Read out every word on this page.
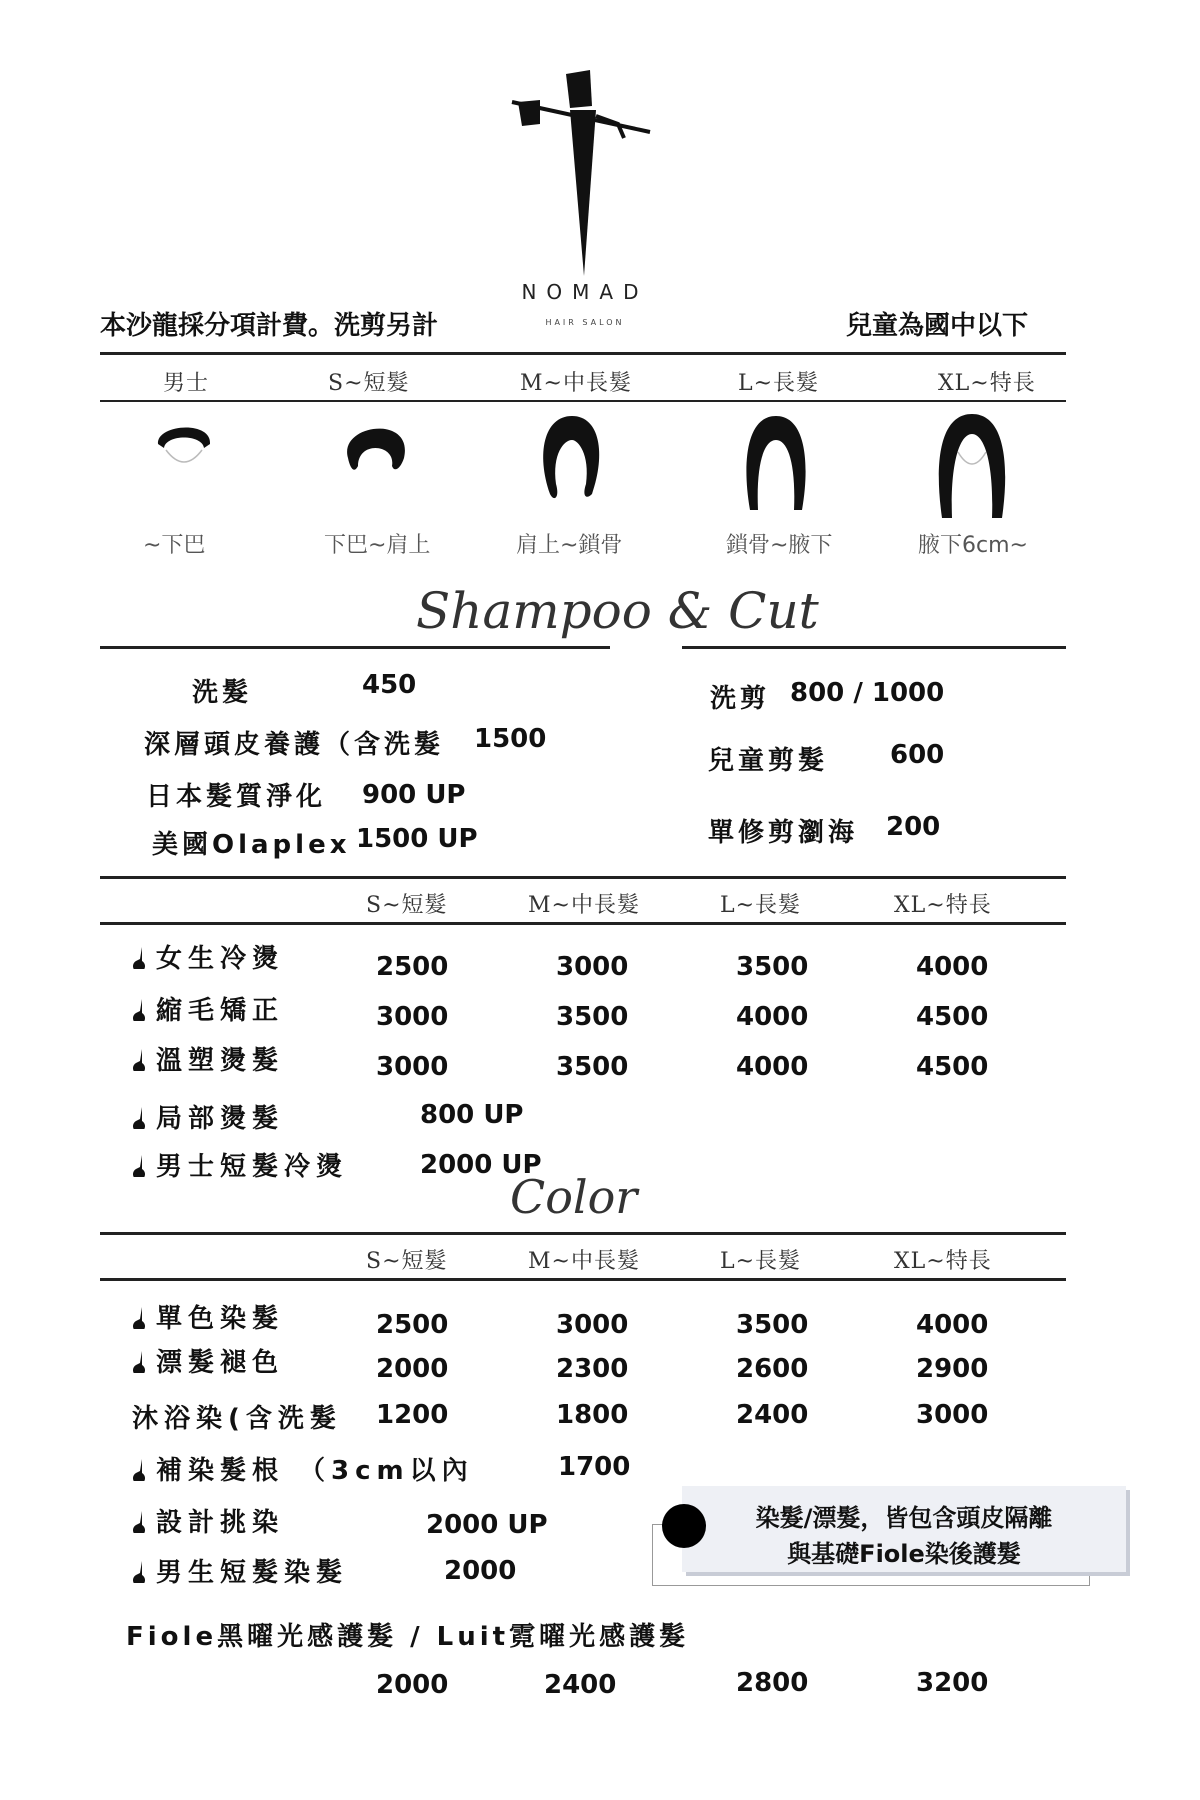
NOMAD
HAIR SALON
本沙龍採分項計費。洗剪另計	兒童為國中以下
男士	S~短髮	M~中長髮	L~長髮	XL~特長
~下巴	下巴~肩上	肩上~鎖骨	鎖骨~腋下	腋下6cm~
Shampoo & Cut
洗髮	450
深層頭皮養護（含洗髮 1500
日本髮質淨化 900 UP
美國Olaplex 1500 UP
洗剪 800 / 1000
兒童剪髮 600
單修剪瀏海 200
S~短髮	M~中長髮	L~長髮	XL~特長
女生冷燙	2500	3000	3500	4000
縮毛矯正	3000	3500	4000	4500
溫塑燙髮	3000	3500	4000	4500
局部燙髮	800 UP
男士短髮冷燙	2000 UP
Color
S~短髮	M~中長髮	L~長髮	XL~特長
單色染髮	2500	3000	3500	4000
漂髮褪色	2000	2300	2600	2900
沐浴染(含洗髮 1200	1800	2400	3000
補染髮根 （3cm以內	1700
設計挑染	2000 UP
男生短髮染髮	2000
染髮/漂髮，皆包含頭皮隔離
與基礎Fiole染後護髮
Fiole黑曜光感護髮 / Luit霓曜光感護髮
2000	2400	2800	3200
